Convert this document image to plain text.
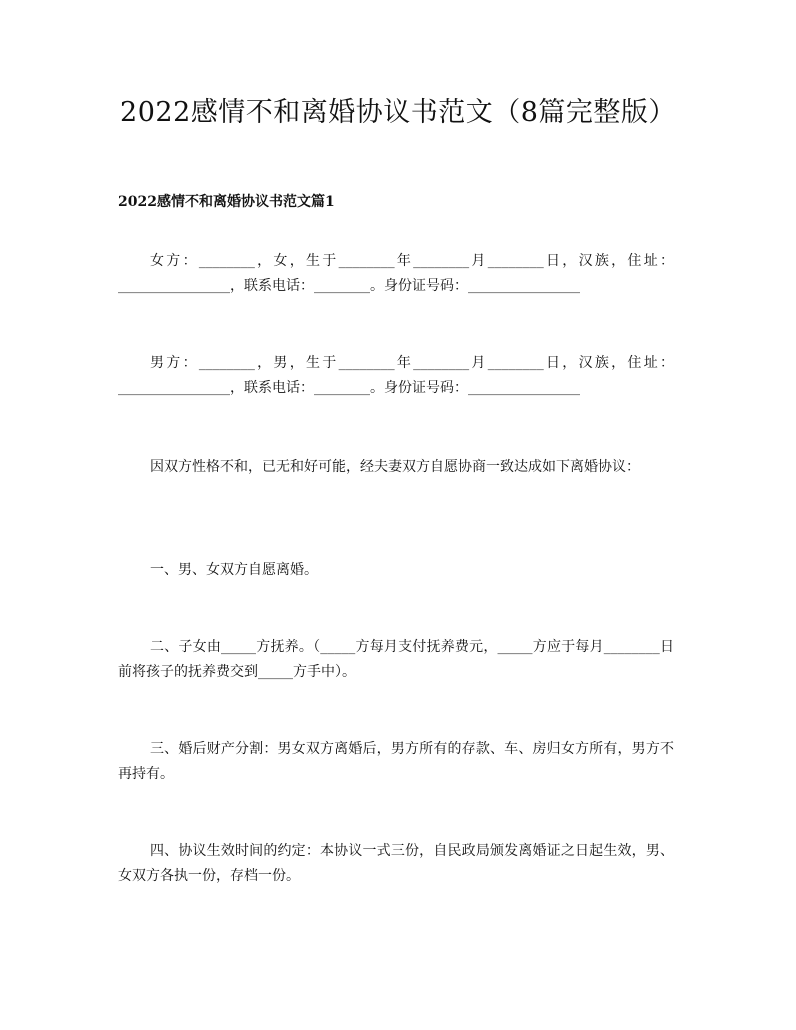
2022感情不和离婚协议书范文（8篇完整版）
2022感情不和离婚协议书范文篇1

女方：________，女，生于________年________月________日，汉族，住址：________________，联系电话：________。身份证号码：________________

男方：________，男，生于________年________月________日，汉族，住址：________________，联系电话：________。身份证号码：________________

因双方性格不和，已无和好可能，经夫妻双方自愿协商一致达成如下离婚协议：

一、男、女双方自愿离婚。

二、子女由_____方抚养。（_____方每月支付抚养费元，_____方应于每月________日前将孩子的抚养费交到_____方手中）。

三、婚后财产分割：男女双方离婚后，男方所有的存款、车、房归女方所有，男方不再持有。

四、协议生效时间的约定：本协议一式三份，自民政局颁发离婚证之日起生效，男、女双方各执一份，存档一份。
